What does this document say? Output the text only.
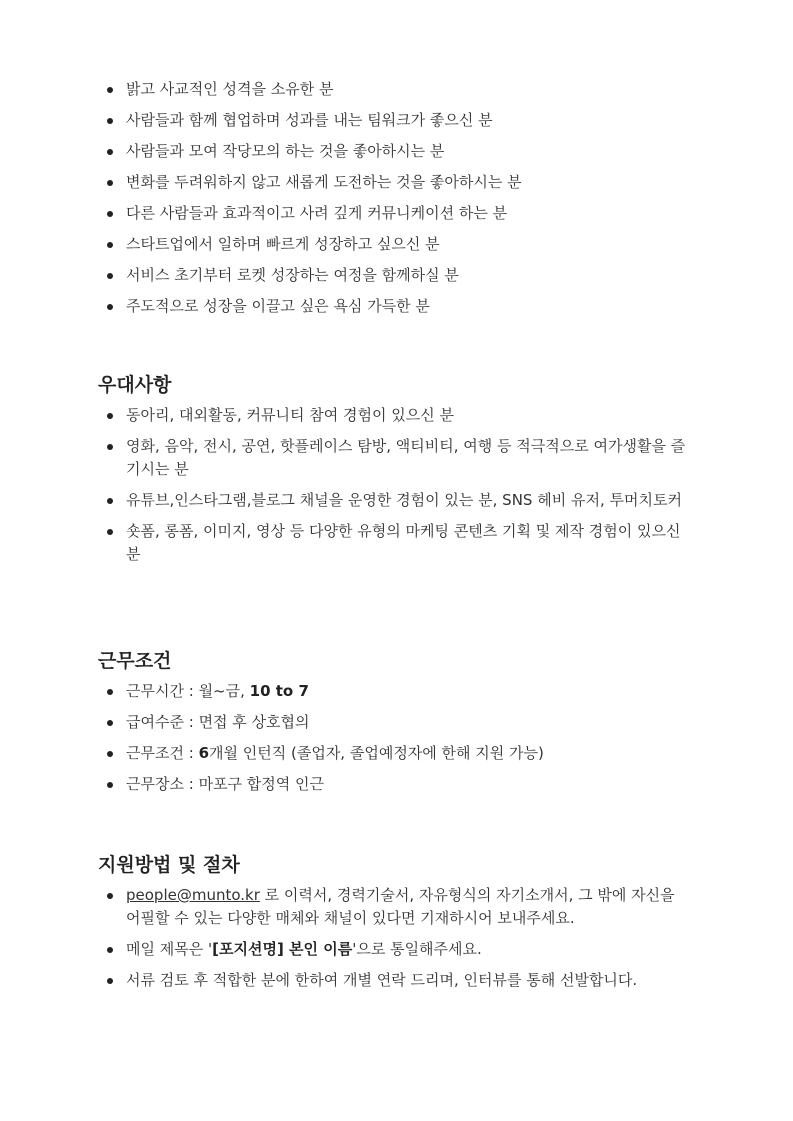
밝고 사교적인 성격을 소유한 분
사람들과 함께 협업하며 성과를 내는 팀워크가 좋으신 분
사람들과 모여 작당모의 하는 것을 좋아하시는 분
변화를 두려워하지 않고 새롭게 도전하는 것을 좋아하시는 분
다른 사람들과 효과적이고 사려 깊게 커뮤니케이션 하는 분
스타트업에서 일하며 빠르게 성장하고 싶으신 분
서비스 초기부터 로켓 성장하는 여정을 함께하실 분
주도적으로 성장을 이끌고 싶은 욕심 가득한 분
우대사항
동아리, 대외활동, 커뮤니티 참여 경험이 있으신 분
영화, 음악, 전시, 공연, 핫플레이스 탐방, 액티비티, 여행 등 적극적으로 여가생활을 즐기시는 분
유튜브,인스타그램,블로그 채널을 운영한 경험이 있는 분, SNS 헤비 유저, 투머치토커
숏폼, 롱폼, 이미지, 영상 등 다양한 유형의 마케팅 콘텐츠 기획 및 제작 경험이 있으신 분
근무조건
근무시간 : 월~금, 10 to 7
급여수준 : 면접 후 상호협의
근무조건 : 6개월 인턴직 (졸업자, 졸업예정자에 한해 지원 가능)
근무장소 : 마포구 합정역 인근
지원방법 및 절차
people@munto.kr 로 이력서, 경력기술서, 자유형식의 자기소개서, 그 밖에 자신을 어필할 수 있는 다양한 매체와 채널이 있다면 기재하시어 보내주세요.
메일 제목은 '[포지션명] 본인 이름'으로 통일해주세요.
서류 검토 후 적합한 분에 한하여 개별 연락 드리며, 인터뷰를 통해 선발합니다.
